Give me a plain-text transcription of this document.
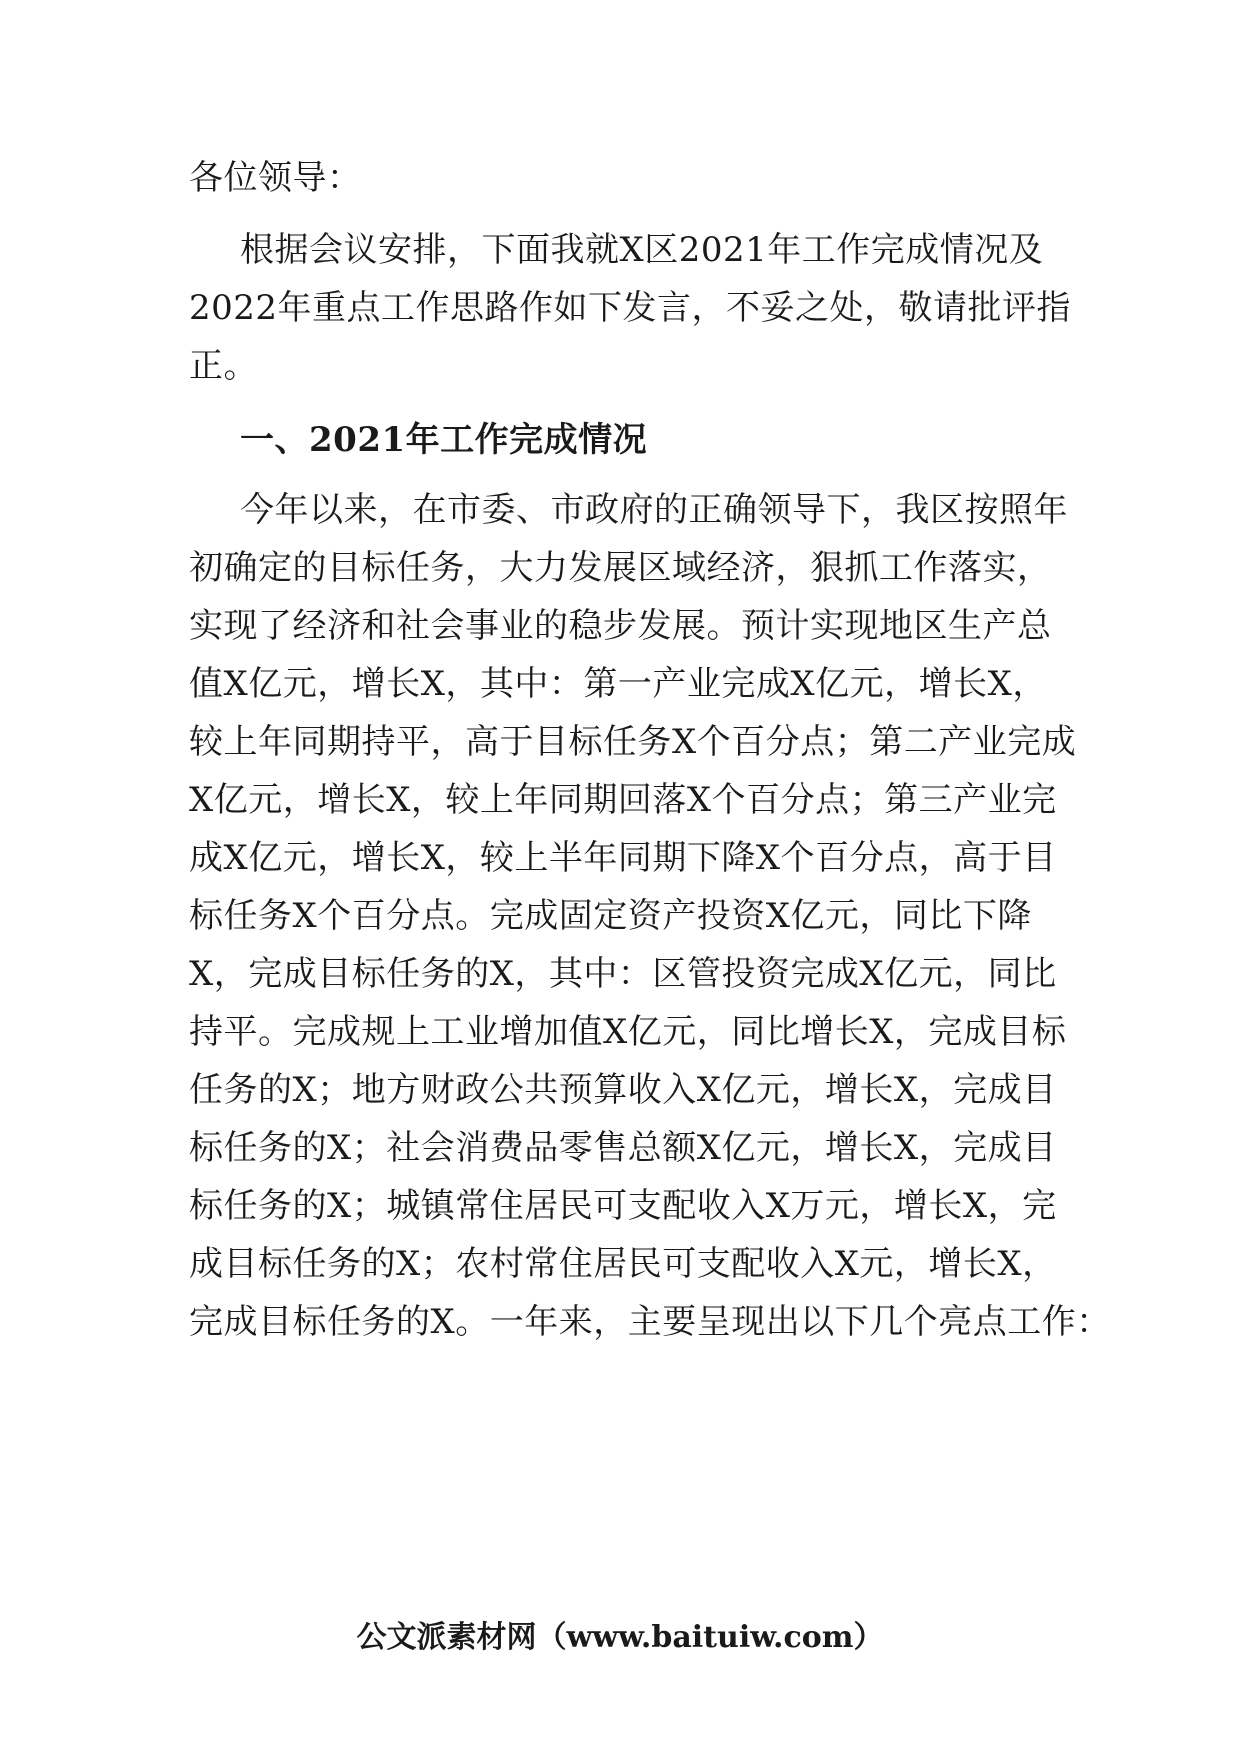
各位领导：
根据会议安排，下面我就X区2021年工作完成情况及
2022年重点工作思路作如下发言，不妥之处，敬请批评指
正。
一、2021年工作完成情况
今年以来，在市委、市政府的正确领导下，我区按照年
初确定的目标任务，大力发展区域经济，狠抓工作落实，
实现了经济和社会事业的稳步发展。预计实现地区生产总
值X亿元，增长X，其中：第一产业完成X亿元，增长X，
较上年同期持平，高于目标任务X个百分点；第二产业完成
X亿元，增长X，较上年同期回落X个百分点；第三产业完
成X亿元，增长X，较上半年同期下降X个百分点，高于目
标任务X个百分点。完成固定资产投资X亿元，同比下降
X，完成目标任务的X，其中：区管投资完成X亿元，同比
持平。完成规上工业增加值X亿元，同比增长X，完成目标
任务的X；地方财政公共预算收入X亿元，增长X，完成目
标任务的X；社会消费品零售总额X亿元，增长X，完成目
标任务的X；城镇常住居民可支配收入X万元，增长X，完
成目标任务的X；农村常住居民可支配收入X元，增长X，
完成目标任务的X。一年来，主要呈现出以下几个亮点工作：
公文派素材网（www.baituiw.com）
